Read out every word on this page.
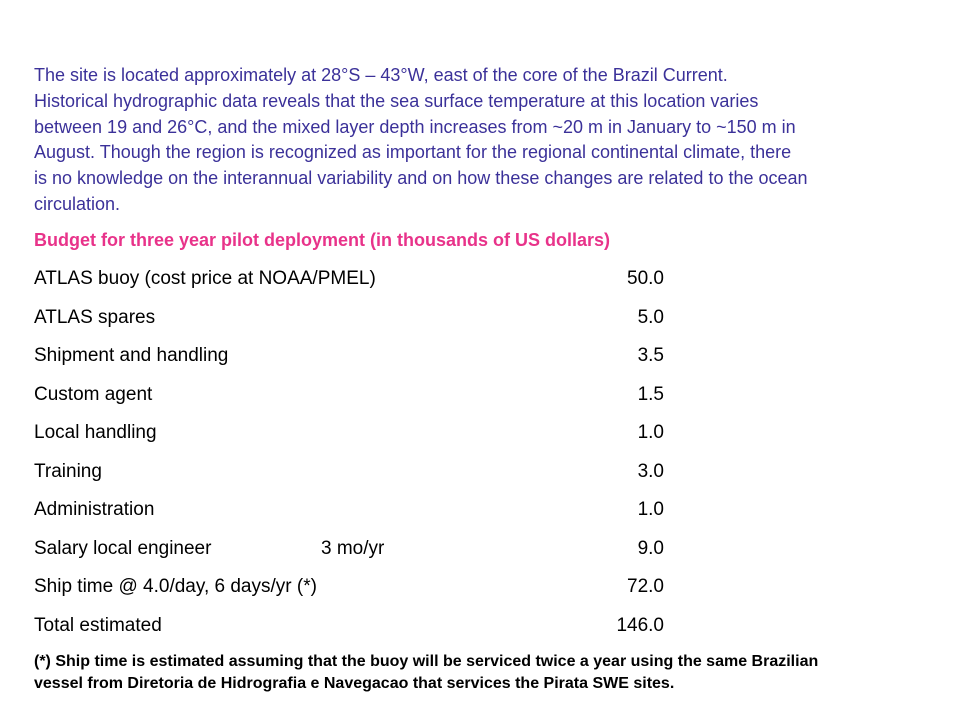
The site is located approximately at 28°S – 43°W, east of the core of the Brazil Current.
Historical hydrographic data reveals that the sea surface temperature at this location varies
between 19 and 26°C, and the mixed layer depth increases from ~20 m in January to ~150 m in
August. Though the region is recognized as important for the regional continental climate, there
is no knowledge on the interannual variability and on how these changes are related to the ocean
circulation.
Budget for three year pilot deployment (in thousands of US dollars)
ATLAS buoy (cost price at NOAA/PMEL)	50.0
ATLAS spares	5.0
Shipment and handling	3.5
Custom agent	1.5
Local handling	1.0
Training	3.0
Administration	1.0
Salary local engineer	3 mo/yr	9.0
Ship time @ 4.0/day, 6 days/yr (*)	72.0
Total estimated	146.0
(*) Ship time is estimated assuming that the buoy will be serviced twice a year using the same Brazilian
vessel from Diretoria de Hidrografia e Navegacao that services the Pirata SWE sites.
